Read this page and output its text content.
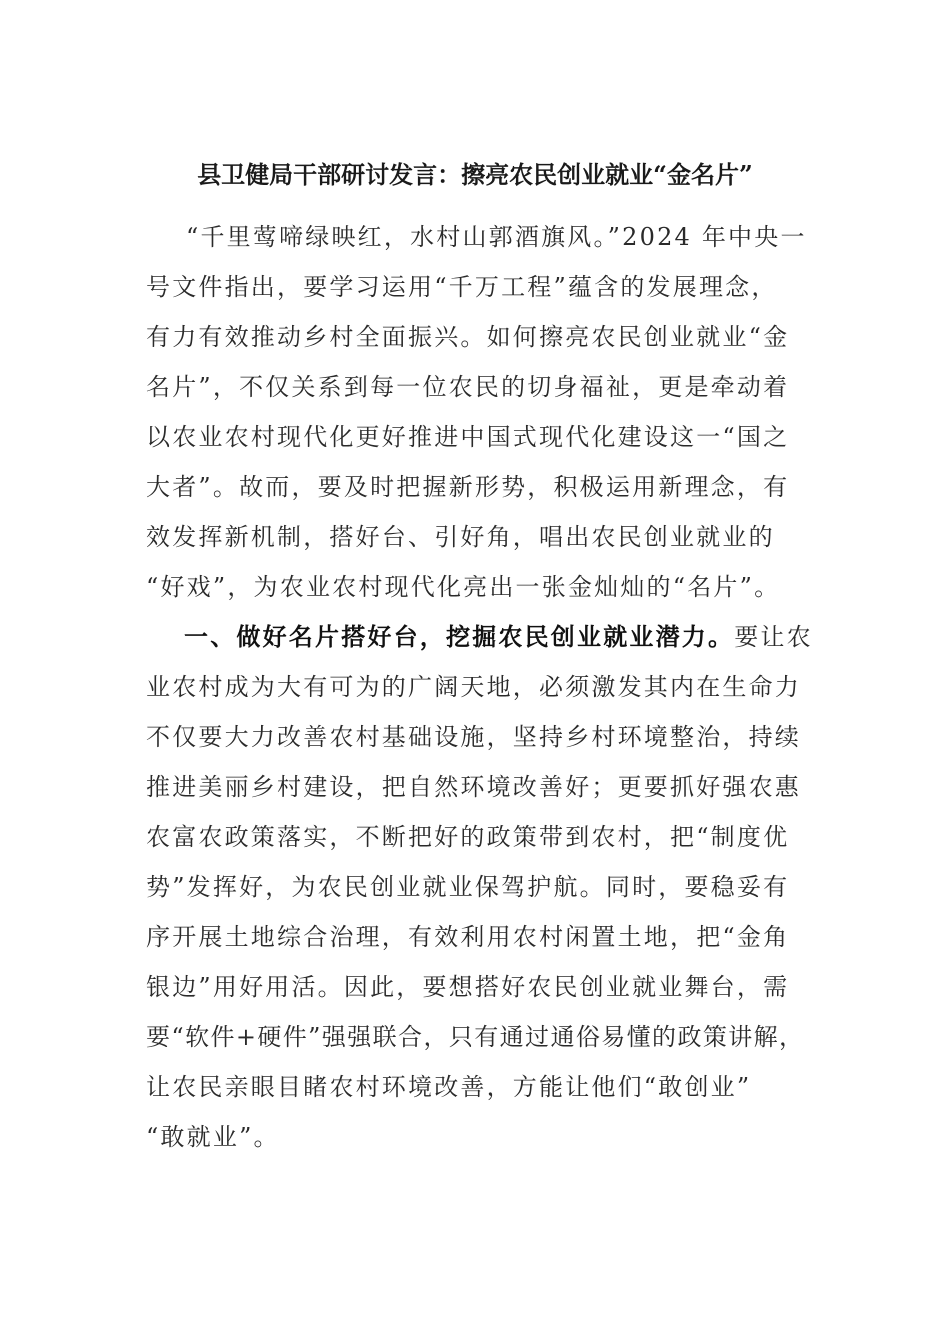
县卫健局干部研讨发言：擦亮农民创业就业“金名片”
“千里莺啼绿映红，水村山郭酒旗风。”2024 年中央一
号文件指出，要学习运用“千万工程”蕴含的发展理念，
有力有效推动乡村全面振兴。如何擦亮农民创业就业“金
名片”，不仅关系到每一位农民的切身福祉，更是牵动着
以农业农村现代化更好推进中国式现代化建设这一“国之
大者”。故而，要及时把握新形势，积极运用新理念，有
效发挥新机制，搭好台、引好角，唱出农民创业就业的
“好戏”，为农业农村现代化亮出一张金灿灿的“名片”。
一、做好名片搭好台，挖掘农民创业就业潜力。要让农
业农村成为大有可为的广阔天地，必须激发其内在生命力
不仅要大力改善农村基础设施，坚持乡村环境整治，持续
推进美丽乡村建设，把自然环境改善好；更要抓好强农惠
农富农政策落实，不断把好的政策带到农村，把“制度优
势”发挥好，为农民创业就业保驾护航。同时，要稳妥有
序开展土地综合治理，有效利用农村闲置土地，把“金角
银边”用好用活。因此，要想搭好农民创业就业舞台，需
要“软件+硬件”强强联合，只有通过通俗易懂的政策讲解，
让农民亲眼目睹农村环境改善，方能让他们“敢创业”
“敢就业”。
